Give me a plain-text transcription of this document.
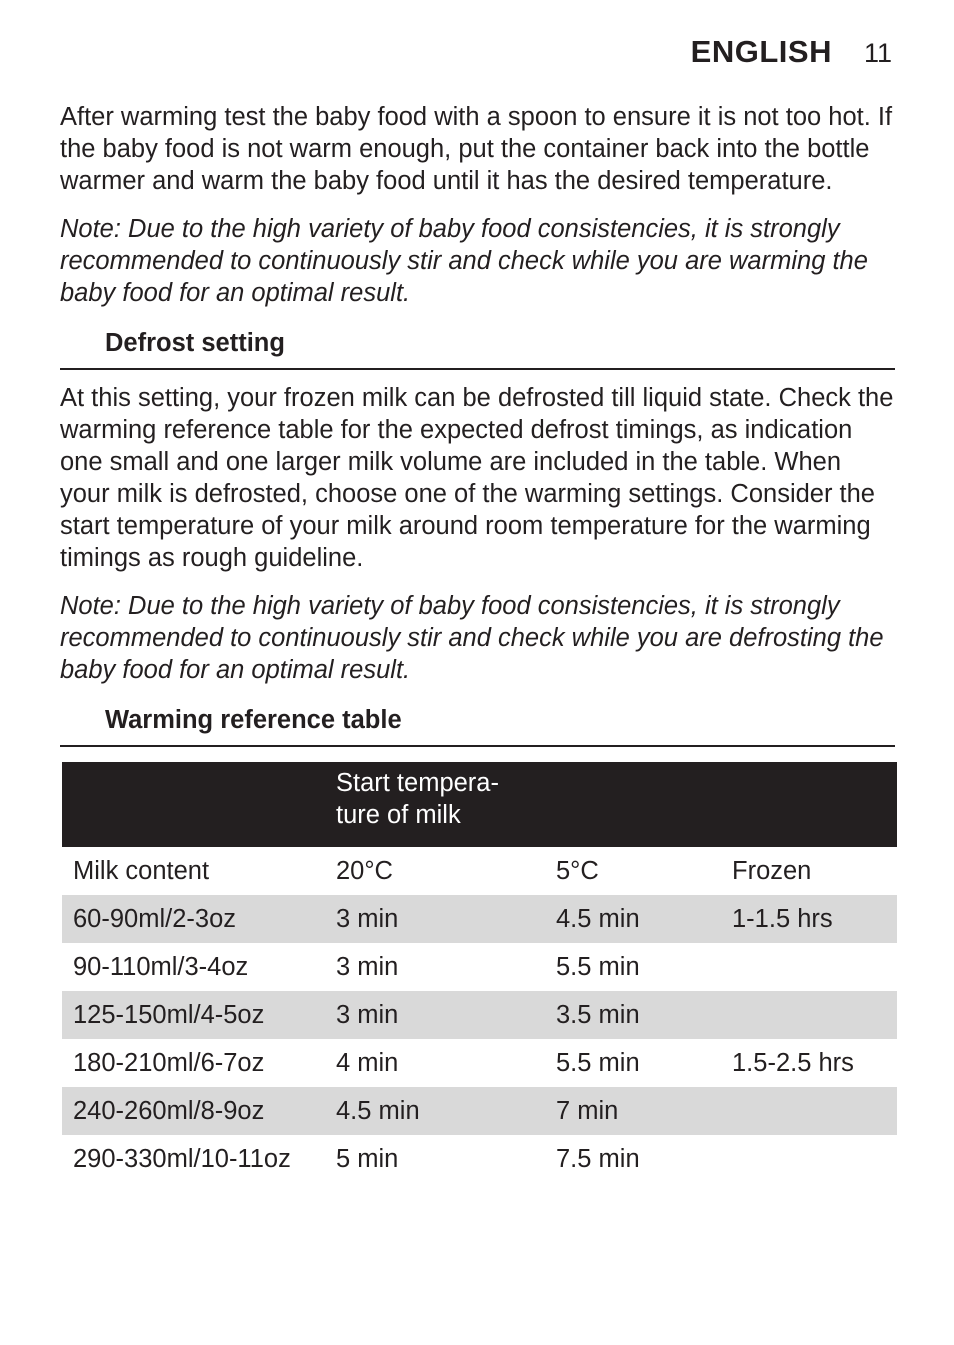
ENGLISH 11

After warming test the baby food with a spoon to ensure it is not too hot. If the baby food is not warm enough, put the container back into the bottle warmer and warm the baby food until it has the desired temperature.

Note: Due to the high variety of baby food consistencies, it is strongly recommended to continuously stir and check while you are warming the baby food for an optimal result.

Defrost setting

At this setting, your frozen milk can be defrosted till liquid state. Check the warming reference table for the expected defrost timings, as indication one small and one larger milk volume are included in the table. When your milk is defrosted, choose one of the warming settings. Consider the start temperature of your milk around room temperature for the warming timings as rough guideline.

Note: Due to the high variety of baby food consistencies, it is strongly recommended to continuously stir and check while you are defrosting the baby food for an optimal result.

Warming reference table
	Start tempera-
ture of milk		
Milk content	20°C	5°C	Frozen
60-90ml/2-3oz	3 min	4.5 min	1-1.5 hrs
90-110ml/3-4oz	3 min	5.5 min	
125-150ml/4-5oz	3 min	3.5 min	
180-210ml/6-7oz	4 min	5.5 min	1.5-2.5 hrs
240-260ml/8-9oz	4.5 min	7 min	
290-330ml/10-11oz	5 min	7.5 min	
